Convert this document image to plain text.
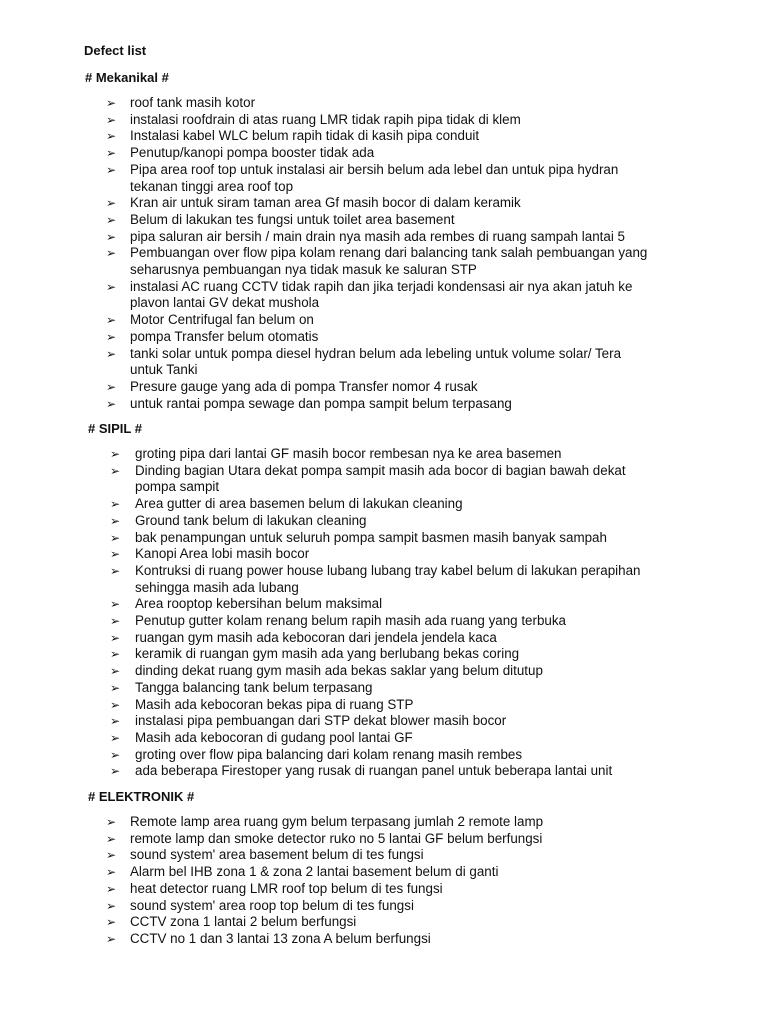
Defect list
# Mekanikal #
➢ roof tank masih kotor
➢ instalasi roofdrain di atas ruang LMR tidak rapih pipa tidak di klem
➢ Instalasi kabel WLC belum rapih tidak di kasih pipa conduit
➢ Penutup/kanopi pompa booster tidak ada
➢ Pipa area roof top untuk instalasi air bersih belum ada lebel dan untuk pipa hydran
tekanan tinggi area roof top
➢ Kran air untuk siram taman area Gf masih bocor di dalam keramik
➢ Belum di lakukan tes fungsi untuk toilet area basement
➢ pipa saluran air bersih / main drain nya masih ada rembes di ruang sampah lantai 5
➢ Pembuangan over flow pipa kolam renang dari balancing tank salah pembuangan yang
seharusnya pembuangan nya tidak masuk ke saluran STP
➢ instalasi AC ruang CCTV tidak rapih dan jika terjadi kondensasi air nya akan jatuh ke
plavon lantai GV dekat mushola
➢ Motor Centrifugal fan belum on
➢ pompa Transfer belum otomatis
➢ tanki solar untuk pompa diesel hydran belum ada lebeling untuk volume solar/ Tera
untuk Tanki
➢ Presure gauge yang ada di pompa Transfer nomor 4 rusak
➢ untuk rantai pompa sewage dan pompa sampit belum terpasang
# SIPIL #
➢ groting pipa dari lantai GF masih bocor rembesan nya ke area basemen
➢ Dinding bagian Utara dekat pompa sampit masih ada bocor di bagian bawah dekat
pompa sampit
➢ Area gutter di area basemen belum di lakukan cleaning
➢ Ground tank belum di lakukan cleaning
➢ bak penampungan untuk seluruh pompa sampit basmen masih banyak sampah
➢ Kanopi Area lobi masih bocor
➢ Kontruksi di ruang power house lubang lubang tray kabel belum di lakukan perapihan
sehingga masih ada lubang
➢ Area rooptop kebersihan belum maksimal
➢ Penutup gutter kolam renang belum rapih masih ada ruang yang terbuka
➢ ruangan gym masih ada kebocoran dari jendela jendela kaca
➢ keramik di ruangan gym masih ada yang berlubang bekas coring
➢ dinding dekat ruang gym masih ada bekas saklar yang belum ditutup
➢ Tangga balancing tank belum terpasang
➢ Masih ada kebocoran bekas pipa di ruang STP
➢ instalasi pipa pembuangan dari STP dekat blower masih bocor
➢ Masih ada kebocoran di gudang pool lantai GF
➢ groting over flow pipa balancing dari kolam renang masih rembes
➢ ada beberapa Firestoper yang rusak di ruangan panel untuk beberapa lantai unit
# ELEKTRONIK #
➢ Remote lamp area ruang gym belum terpasang jumlah 2 remote lamp
➢ remote lamp dan smoke detector ruko no 5 lantai GF belum berfungsi
➢ sound system' area basement belum di tes fungsi
➢ Alarm bel IHB zona 1 & zona 2 lantai basement belum di ganti
➢ heat detector ruang LMR roof top belum di tes fungsi
➢ sound system' area roop top belum di tes fungsi
➢ CCTV zona 1 lantai 2 belum berfungsi
➢ CCTV no 1 dan 3 lantai 13 zona A belum berfungsi
